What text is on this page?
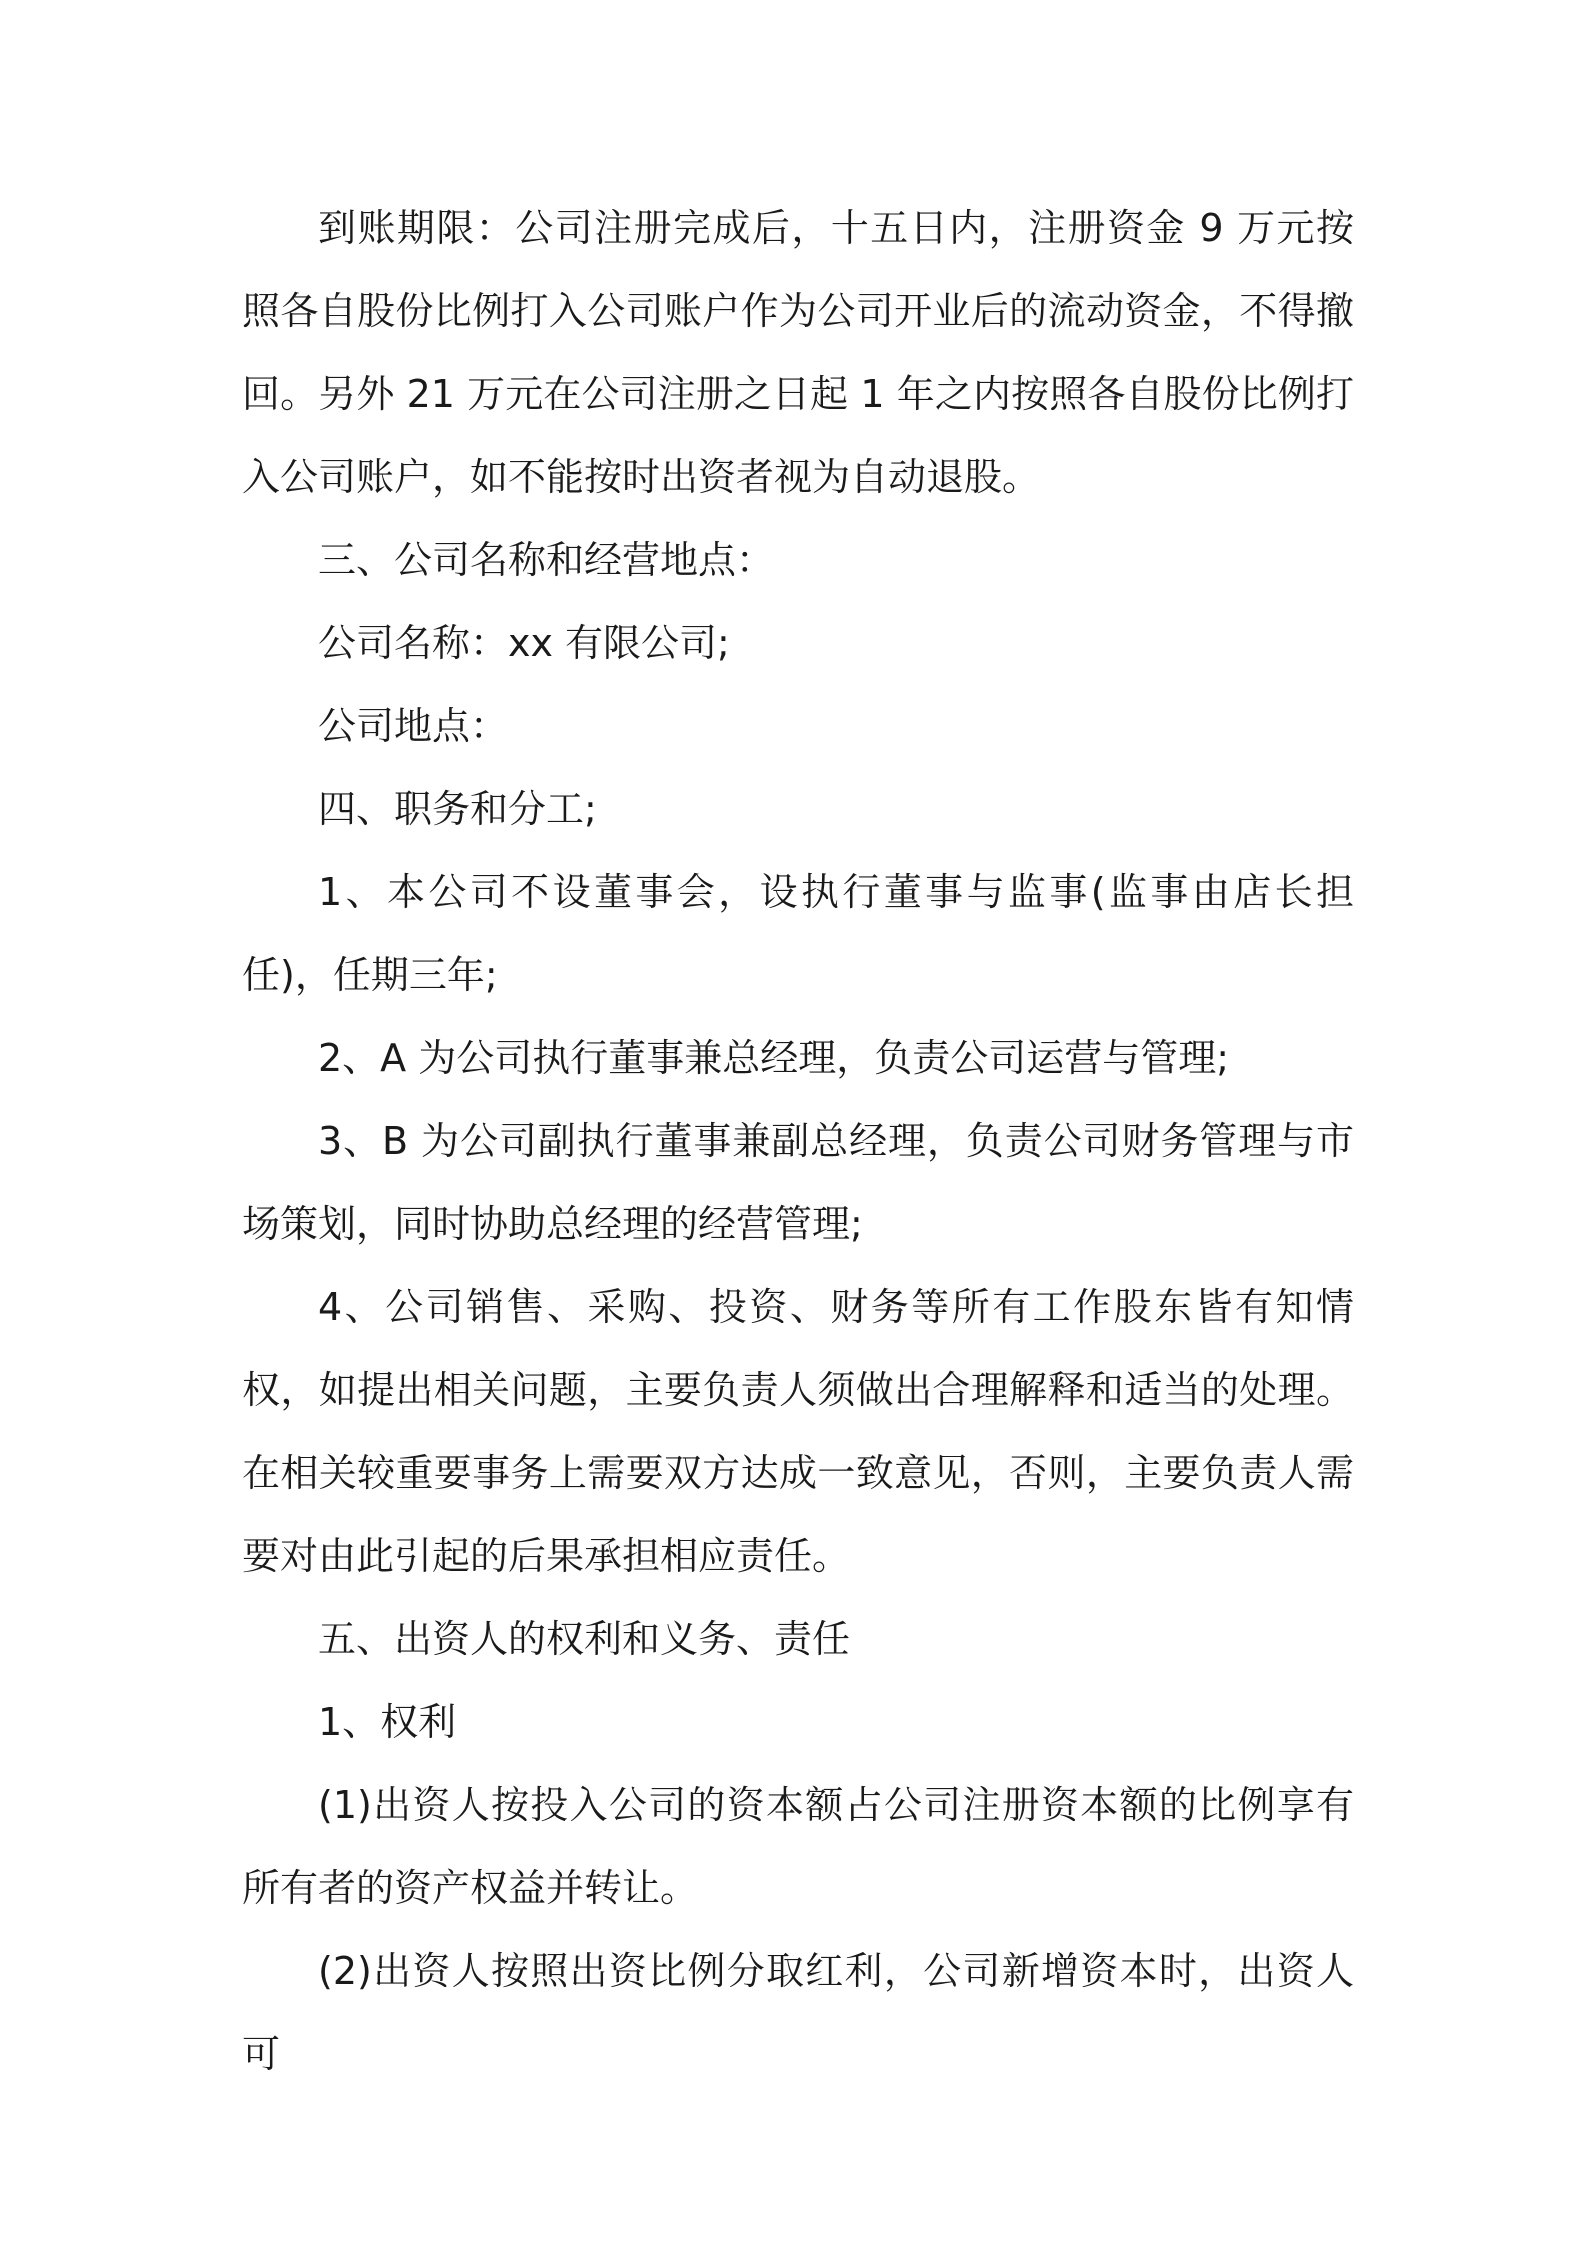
到账期限：公司注册完成后，十五日内，注册资金 9 万元按照各自股份比例打入公司账户作为公司开业后的流动资金，不得撤回。另外 21 万元在公司注册之日起 1 年之内按照各自股份比例打入公司账户，如不能按时出资者视为自动退股。

三、公司名称和经营地点：

公司名称：xx 有限公司;

公司地点：

四、职务和分工;

1、本公司不设董事会，设执行董事与监事(监事由店长担任)，任期三年;

2、A 为公司执行董事兼总经理，负责公司运营与管理;

3、B 为公司副执行董事兼副总经理，负责公司财务管理与市场策划，同时协助总经理的经营管理;

4、公司销售、采购、投资、财务等所有工作股东皆有知情权，如提出相关问题，主要负责人须做出合理解释和适当的处理。在相关较重要事务上需要双方达成一致意见，否则，主要负责人需要对由此引起的后果承担相应责任。

五、出资人的权利和义务、责任

1、权利

(1)出资人按投入公司的资本额占公司注册资本额的比例享有所有者的资产权益并转让。

(2)出资人按照出资比例分取红利，公司新增资本时，出资人可
